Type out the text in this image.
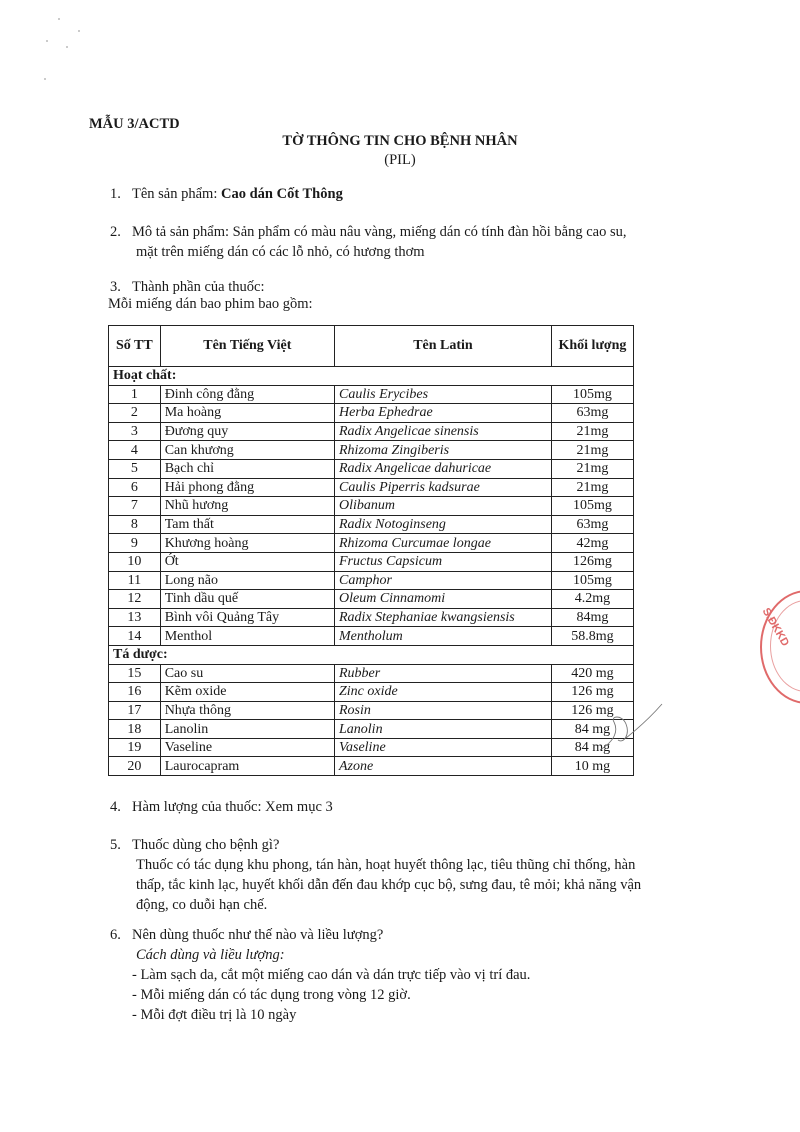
MẪU 3/ACTD
TỜ THÔNG TIN CHO BỆNH NHÂN
(PIL)
1. Tên sản phẩm: Cao dán Cốt Thông
2. Mô tả sản phẩm: Sản phẩm có màu nâu vàng, miếng dán có tính đàn hồi bằng cao su,
mặt trên miếng dán có các lỗ nhỏ, có hương thơm
3. Thành phần của thuốc:
Mỗi miếng dán bao phim bao gồm:
Số TT	Tên Tiếng Việt	Tên Latin	Khối lượng
Hoạt chất:			
1	Đinh công đằng	Caulis Erycibes	105mg
2	Ma hoàng	Herba Ephedrae	63mg
3	Đương quy	Radix Angelicae sinensis	21mg
4	Can khương	Rhizoma Zingiberis	21mg
5	Bạch chỉ	Radix Angelicae dahuricae	21mg
6	Hải phong đằng	Caulis Piperris kadsurae	21mg
7	Nhũ hương	Olibanum	105mg
8	Tam thất	Radix Notoginseng	63mg
9	Khương hoàng	Rhizoma Curcumae longae	42mg
10	Ớt	Fructus Capsicum	126mg
11	Long não	Camphor	105mg
12	Tinh dầu quế	Oleum Cinnamomi	4.2mg
13	Bình vôi Quảng Tây	Radix Stephaniae kwangsiensis	84mg
14	Menthol	Mentholum	58.8mg
Tá dược:			
15	Cao su	Rubber	420 mg
16	Kẽm oxide	Zinc oxide	126 mg
17	Nhựa thông	Rosin	126 mg
18	Lanolin	Lanolin	84 mg
19	Vaseline	Vaseline	84 mg
20	Laurocapram	Azone	10 mg
4. Hàm lượng của thuốc: Xem mục 3
5. Thuốc dùng cho bệnh gì?
Thuốc có tác dụng khu phong, tán hàn, hoạt huyết thông lạc, tiêu thũng chỉ thống, hàn
thấp, tắc kinh lạc, huyết khối dẫn đến đau khớp cục bộ, sưng đau, tê mỏi; khả năng vận
động, co duỗi hạn chế.
6. Nên dùng thuốc như thế nào và liều lượng?
Cách dùng và liều lượng:
- Làm sạch da, cắt một miếng cao dán và dán trực tiếp vào vị trí đau.
- Mỗi miếng dán có tác dụng trong vòng 12 giờ.
- Mỗi đợt điều trị là 10 ngày
S.ĐKKD
